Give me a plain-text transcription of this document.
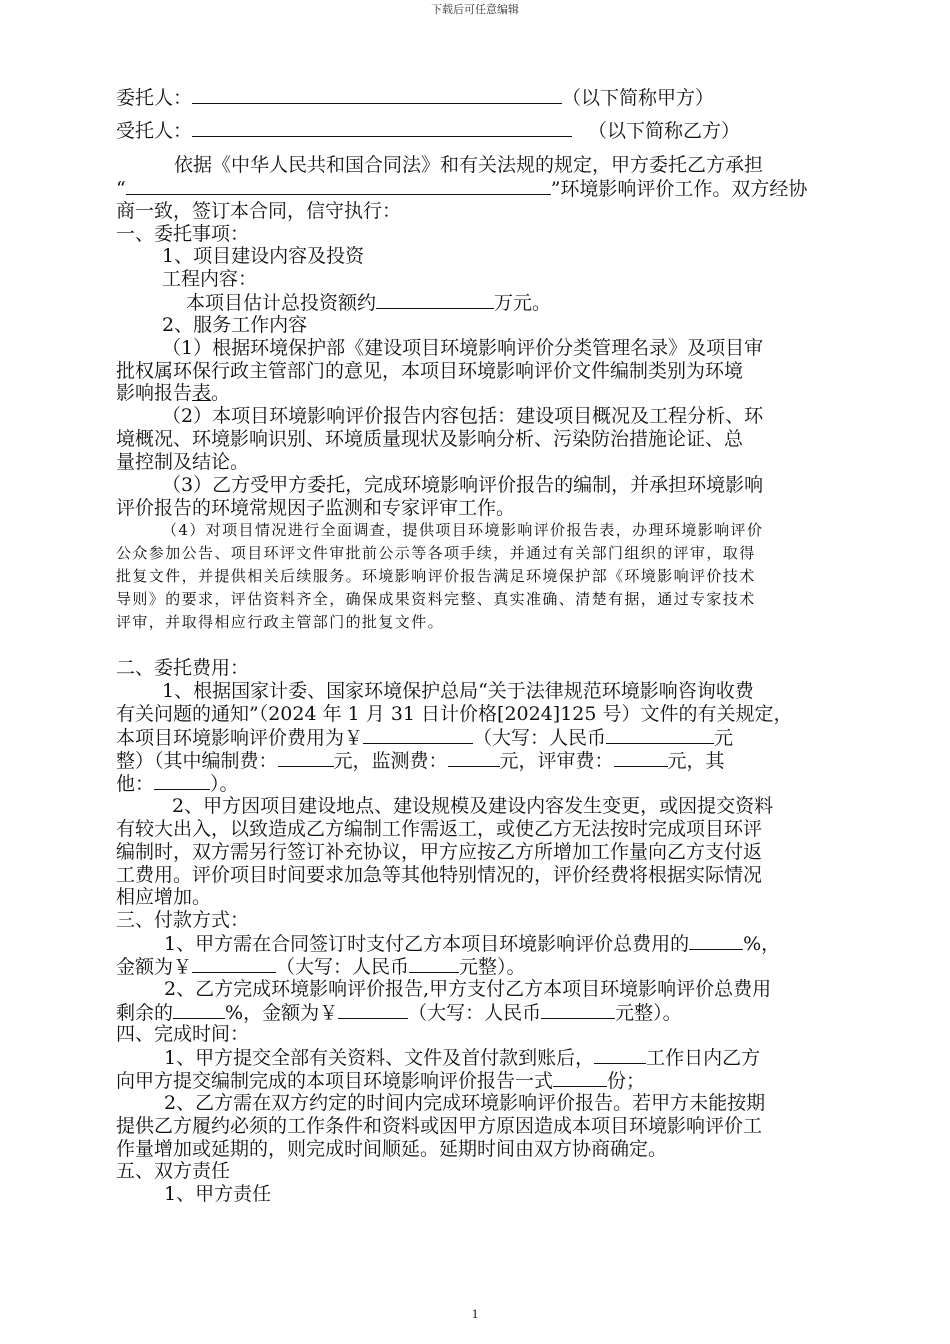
下载后可任意编辑
委托人：	（以下简称甲方）
受托人：	（以下简称乙方）
依据《中华人民共和国合同法》和有关法规的规定，甲方委托乙方承担
“	”环境影响评价工作。双方经协
商一致，签订本合同，信守执行：
一、委托事项：
1、项目建设内容及投资
工程内容：
本项目估计总投资额约	万元。
2、服务工作内容
（1）根据环境保护部《建设项目环境影响评价分类管理名录》及项目审
批权属环保行政主管部门的意见，本项目环境影响评价文件编制类别为环境
影响报告表。
（2）本项目环境影响评价报告内容包括：建设项目概况及工程分析、环
境概况、环境影响识别、环境质量现状及影响分析、污染防治措施论证、总
量控制及结论。
（3）乙方受甲方委托，完成环境影响评价报告的编制，并承担环境影响
评价报告的环境常规因子监测和专家评审工作。
（4）对项目情况进行全面调查，提供项目环境影响评价报告表，办理环境影响评价
公众参加公告、项目环评文件审批前公示等各项手续，并通过有关部门组织的评审，取得
批复文件，并提供相关后续服务。环境影响评价报告满足环境保护部《环境影响评价技术
导则》的要求，评估资料齐全，确保成果资料完整、真实准确、清楚有据，通过专家技术
评审，并取得相应行政主管部门的批复文件。
二、委托费用：
1、根据国家计委、国家环境保护总局“关于法律规范环境影响咨询收费
有关问题的通知”（2024 年 1 月 31 日计价格[2024]125 号）文件的有关规定，
本项目环境影响评价费用为￥	（大写：人民币	元
整）（其中编制费：	元，监测费：	元，评审费：	元，其
他：	）。
2、甲方因项目建设地点、建设规模及建设内容发生变更，或因提交资料
有较大出入，以致造成乙方编制工作需返工，或使乙方无法按时完成项目环评
编制时，双方需另行签订补充协议，甲方应按乙方所增加工作量向乙方支付返
工费用。评价项目时间要求加急等其他特别情况的，评价经费将根据实际情况
相应增加。
三、付款方式：
1、甲方需在合同签订时支付乙方本项目环境影响评价总费用的	%，
金额为￥	（大写：人民币	元整）。
2、乙方完成环境影响评价报告,甲方支付乙方本项目环境影响评价总费用
剩余的	%，金额为￥	（大写：人民币	元整）。
四、完成时间：
1、甲方提交全部有关资料、文件及首付款到账后，	工作日内乙方
向甲方提交编制完成的本项目环境影响评价报告一式	份；
2、乙方需在双方约定的时间内完成环境影响评价报告。若甲方未能按期
提供乙方履约必须的工作条件和资料或因甲方原因造成本项目环境影响评价工
作量增加或延期的，则完成时间顺延。延期时间由双方协商确定。
五、双方责任
1、甲方责任
1
